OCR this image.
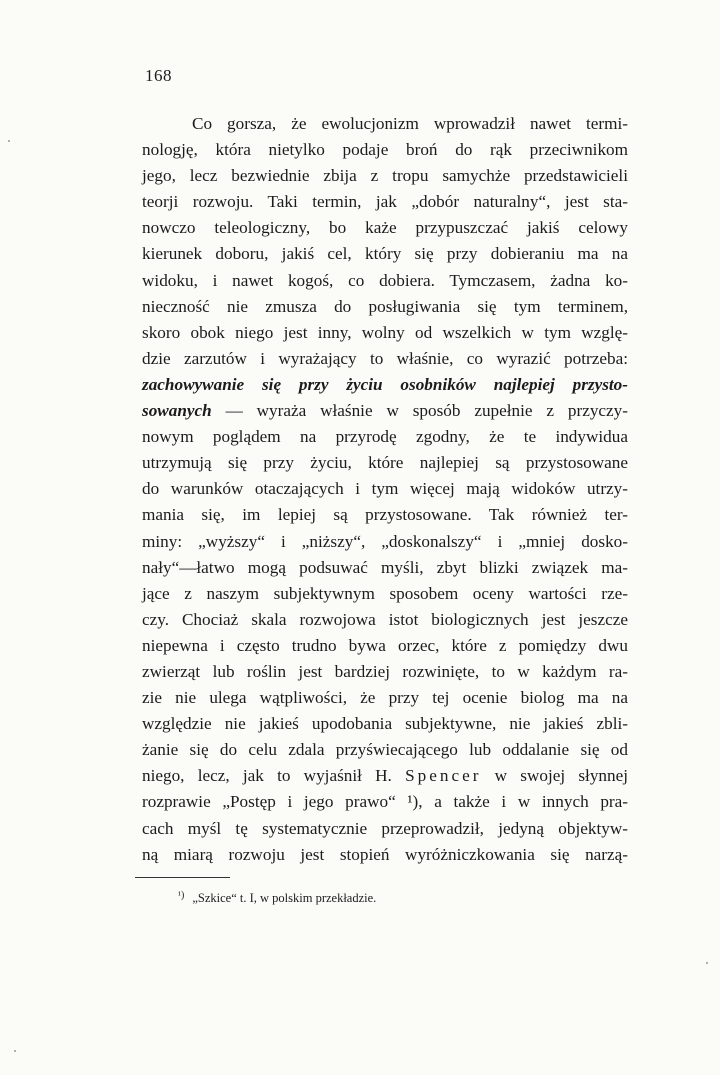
168
Co gorsza, że ewolucjonizm wprowadził nawet termi-
nologję, która nietylko podaje broń do rąk przeciwnikom
jego, lecz bezwiednie zbija z tropu samychże przedstawicieli
teorji rozwoju. Taki termin, jak „dobór naturalny“, jest sta-
nowczo teleologiczny, bo każe przypuszczać jakiś celowy
kierunek doboru, jakiś cel, który się przy dobieraniu ma na
widoku, i nawet kogoś, co dobiera. Tymczasem, żadna ko-
nieczność nie zmusza do posługiwania się tym terminem,
skoro obok niego jest inny, wolny od wszelkich w tym wzglę-
dzie zarzutów i wyrażający to właśnie, co wyrazić potrzeba:
zachowywanie się przy życiu osobników najlepiej przysto-
sowanych — wyraża właśnie w sposób zupełnie z przyczy-
nowym poglądem na przyrodę zgodny, że te indywidua
utrzymują się przy życiu, które najlepiej są przystosowane
do warunków otaczających i tym więcej mają widoków utrzy-
mania się, im lepiej są przystosowane. Tak również ter-
miny: „wyższy“ i „niższy“, „doskonalszy“ i „mniej dosko-
nały“—łatwo mogą podsuwać myśli, zbyt blizki związek ma-
jące z naszym subjektywnym sposobem oceny wartości rze-
czy. Chociaż skala rozwojowa istot biologicznych jest jeszcze
niepewna i często trudno bywa orzec, które z pomiędzy dwu
zwierząt lub roślin jest bardziej rozwinięte, to w każdym ra-
zie nie ulega wątpliwości, że przy tej ocenie biolog ma na
względzie nie jakieś upodobania subjektywne, nie jakieś zbli-
żanie się do celu zdala przyświecającego lub oddalanie się od
niego, lecz, jak to wyjaśnił H. Spencer w swojej słynnej
rozprawie „Postęp i jego prawo“ ¹), a także i w innych pra-
cach myśl tę systematycznie przeprowadził, jedyną objektyw-
ną miarą rozwoju jest stopień wyróżniczkowania się narzą-
$^{^1)}$ „Szkice“ t. I, w polskim przekładzie.
